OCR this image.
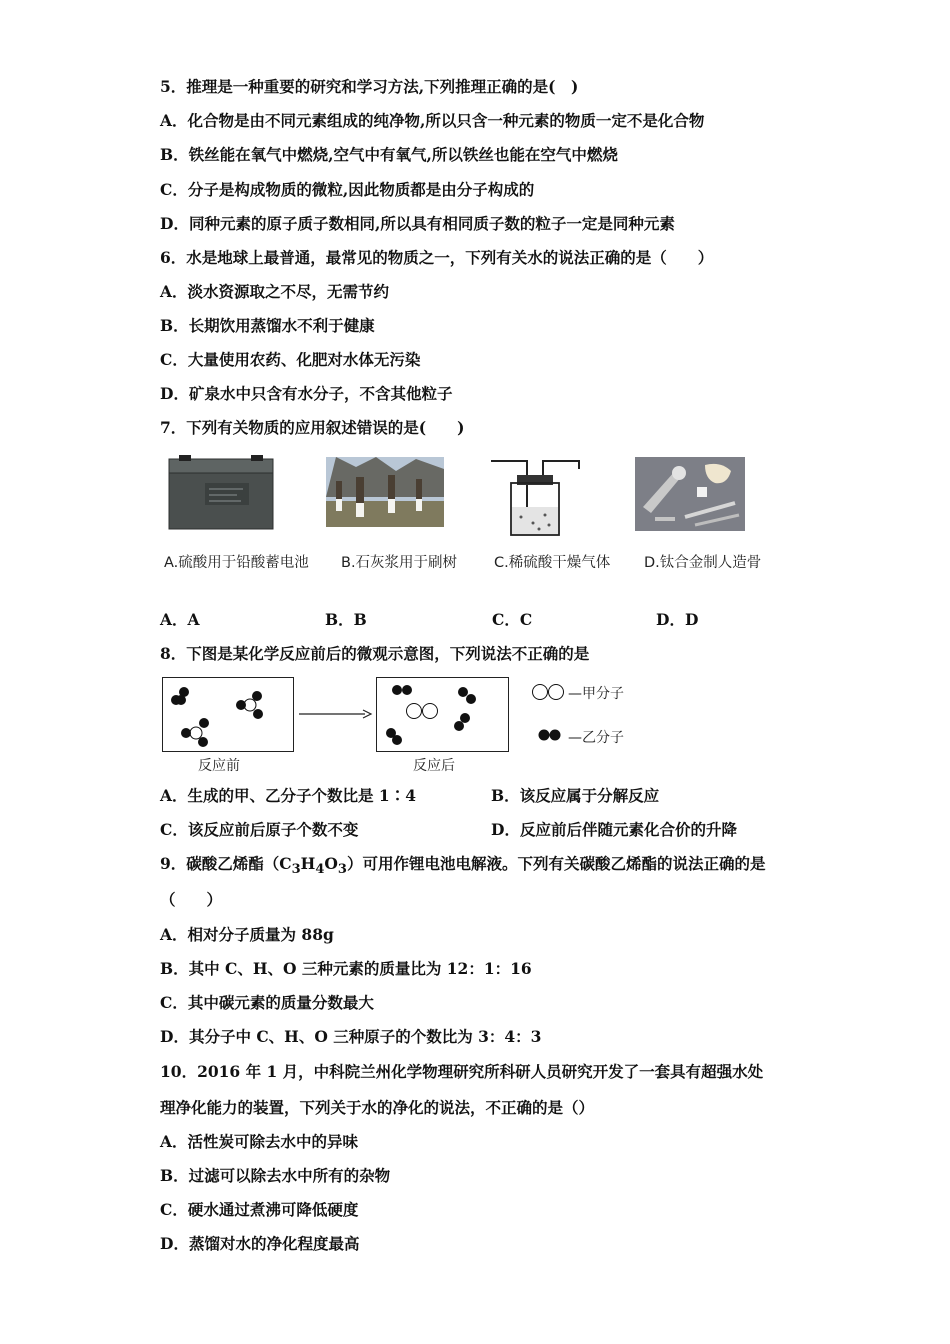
5．推理是一种重要的研究和学习方法,下列推理正确的是(　)
A．化合物是由不同元素组成的纯净物,所以只含一种元素的物质一定不是化合物
B．铁丝能在氧气中燃烧,空气中有氧气,所以铁丝也能在空气中燃烧
C．分子是构成物质的微粒,因此物质都是由分子构成的
D．同种元素的原子质子数相同,所以具有相同质子数的粒子一定是同种元素
6．水是地球上最普通，最常见的物质之一，下列有关水的说法正确的是（　　）
A．淡水资源取之不尽，无需节约
B．长期饮用蒸馏水不利于健康
C．大量使用农药、化肥对水体无污染
D．矿泉水中只含有水分子，不含其他粒子
7．下列有关物质的应用叙述错误的是(　　)
A.硫酸用于铅酸蓄电池 B.石灰浆用于刷树	C.稀硫酸干燥气体 D.钛合金制人造骨
A．A	B．B	C．C	D．D
8．下图是某化学反应前后的微观示意图，下列说法不正确的是
—甲分子
—乙分子
反应前	反应后
A．生成的甲、乙分子个数比是 1∶4	B．该反应属于分解反应
C．该反应前后原子个数不变	D．反应前后伴随元素化合价的升降
9．碳酸乙烯酯$(C_3H_4O_3)$可用作锂电池电解液。下列有关碳酸乙烯酯的说法正确的是
（　　）
A．相对分子质量为 88g
B．其中 C、H、O 三种元素的质量比为 12：1：16
C．其中碳元素的质量分数最大
D．其分子中 C、H、O 三种原子的个数比为 3：4：3
10．2016 年 1 月，中科院兰州化学物理研究所科研人员研究开发了一套具有超强水处
理净化能力的装置，下列关于水的净化的说法，不正确的是（）
A．活性炭可除去水中的异味
B．过滤可以除去水中所有的杂物
C．硬水通过煮沸可降低硬度
D．蒸馏对水的净化程度最高
